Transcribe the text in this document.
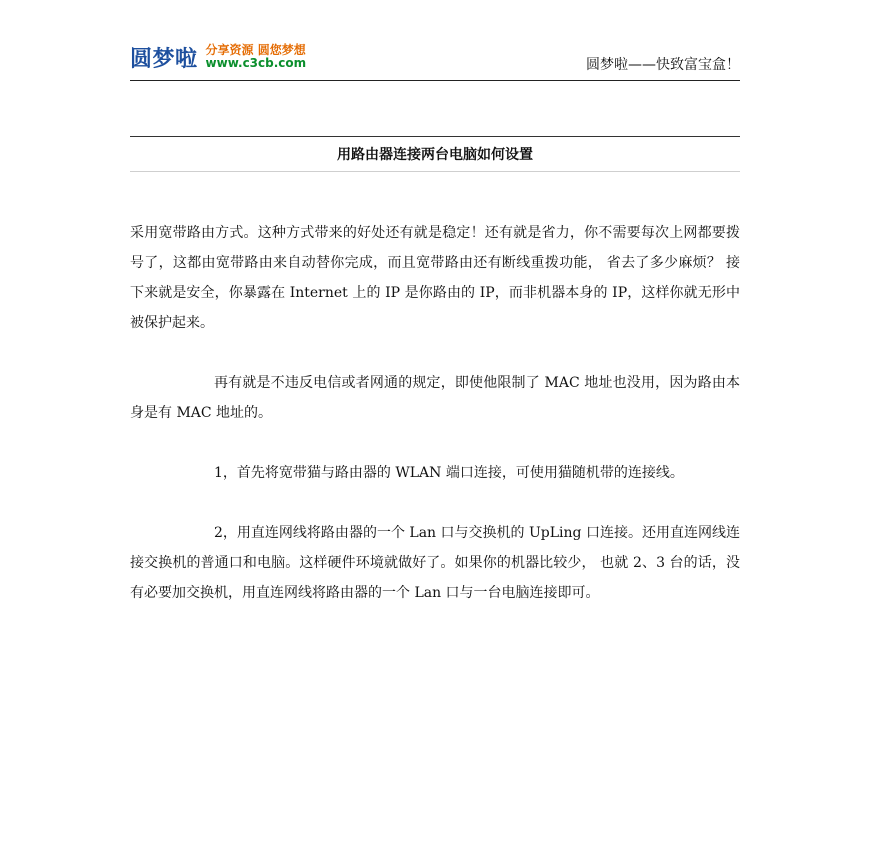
圆梦啦 分享资源 圆您梦想
www.c3cb.com	圆梦啦——快致富宝盒！
用路由器连接两台电脑如何设置

采用宽带路由方式。这种方式带来的好处还有就是稳定！还有就是省力，你不需要每次上网都要拨号了，这都由宽带路由来自动替你完成，而且宽带路由还有断线重拨功能， 省去了多少麻烦？ 接下来就是安全，你暴露在 Internet 上的 IP 是你路由的 IP，而非机器本身的 IP，这样你就无形中被保护起来。

再有就是不违反电信或者网通的规定，即使他限制了 MAC 地址也没用，因为路由本身是有 MAC 地址的。

1，首先将宽带猫与路由器的 WLAN 端口连接，可使用猫随机带的连接线。

2，用直连网线将路由器的一个 Lan 口与交换机的 UpLing 口连接。还用直连网线连接交换机的普通口和电脑。这样硬件环境就做好了。如果你的机器比较少， 也就 2、3 台的话，没有必要加交换机，用直连网线将路由器的一个 Lan 口与一台电脑连接即可。
